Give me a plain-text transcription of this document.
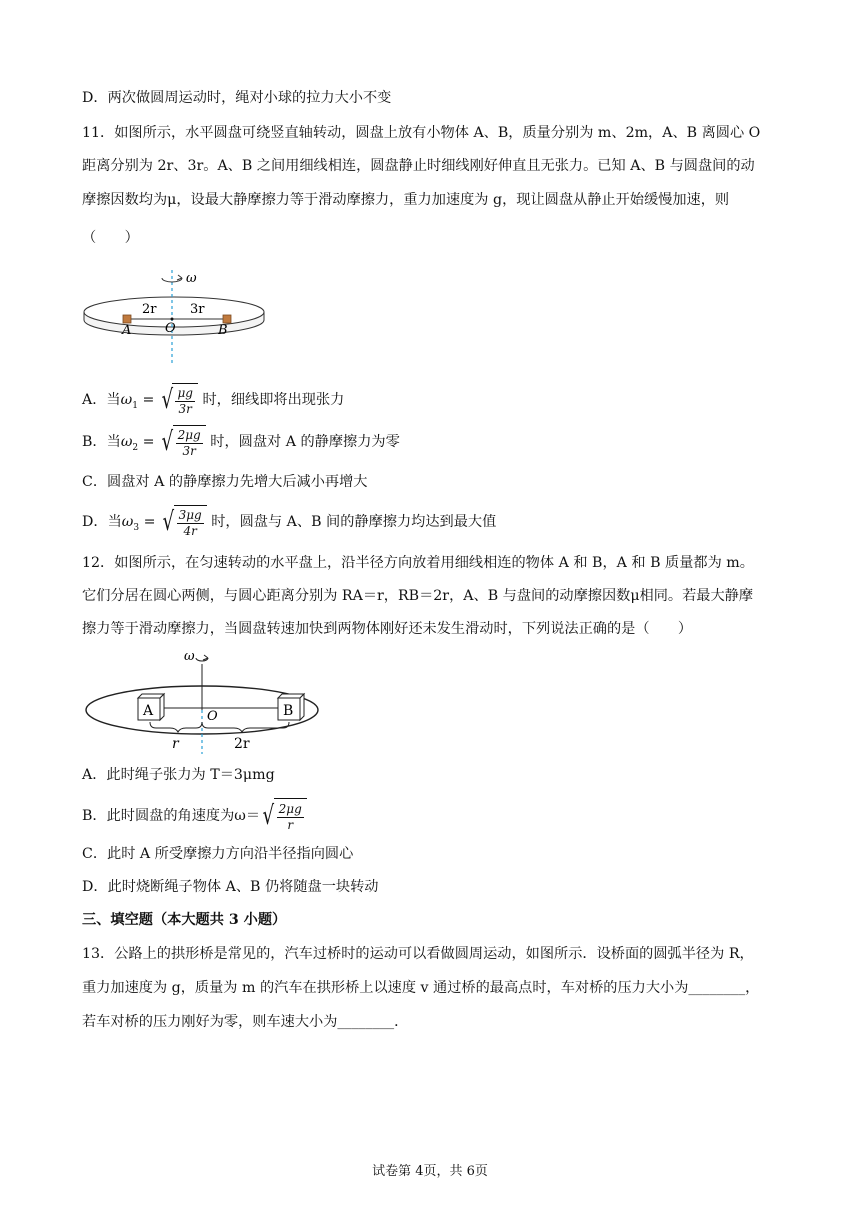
D．两次做圆周运动时，绳对小球的拉力大小不变
11．如图所示，水平圆盘可绕竖直轴转动，圆盘上放有小物体 A、B，质量分别为 m、2m，A、B 离圆心 O
距离分别为 2r、3r。A、B 之间用细线相连，圆盘静止时细线刚好伸直且无张力。已知 A、B 与圆盘间的动
摩擦因数均为μ，设最大静摩擦力等于滑动摩擦力，重力加速度为 g，现让圆盘从静止开始缓慢加速，则
（　　）
ω
2r	3r
A	O	B
A．当$\omega_1$ = √ $\frac{\mu g}{3r}$ 时，细线即将出现张力
B．当$\omega_2$ = √ $\frac{2\mu g}{3r}$ 时，圆盘对 A 的静摩擦力为零
C．圆盘对 A 的静摩擦力先增大后减小再增大
D．当$\omega_3$ = √ $\frac{3\mu g}{4r}$ 时，圆盘与 A、B 间的静摩擦力均达到最大值
12．如图所示，在匀速转动的水平盘上，沿半径方向放着用细线相连的物体 A 和 B，A 和 B 质量都为 m。
它们分居在圆心两侧，与圆心距离分别为 RA＝r，RB＝2r，A、B 与盘间的动摩擦因数μ相同。若最大静摩
擦力等于滑动摩擦力，当圆盘转速加快到两物体刚好还未发生滑动时，下列说法正确的是（　　）
ω
A	B
O
r	2r
A．此时绳子张力为 T＝3μmg
B．此时圆盘的角速度为ω＝ √ $\frac{2\mu g}{r}$
C．此时 A 所受摩擦力方向沿半径指向圆心
D．此时烧断绳子物体 A、B 仍将随盘一块转动
三、填空题（本大题共 3 小题）
13．公路上的拱形桥是常见的，汽车过桥时的运动可以看做圆周运动，如图所示．设桥面的圆弧半径为 R，
重力加速度为 g，质量为 m 的汽车在拱形桥上以速度 v 通过桥的最高点时，车对桥的压力大小为________，
若车对桥的压力刚好为零，则车速大小为________．
试卷第 4页，共 6页
